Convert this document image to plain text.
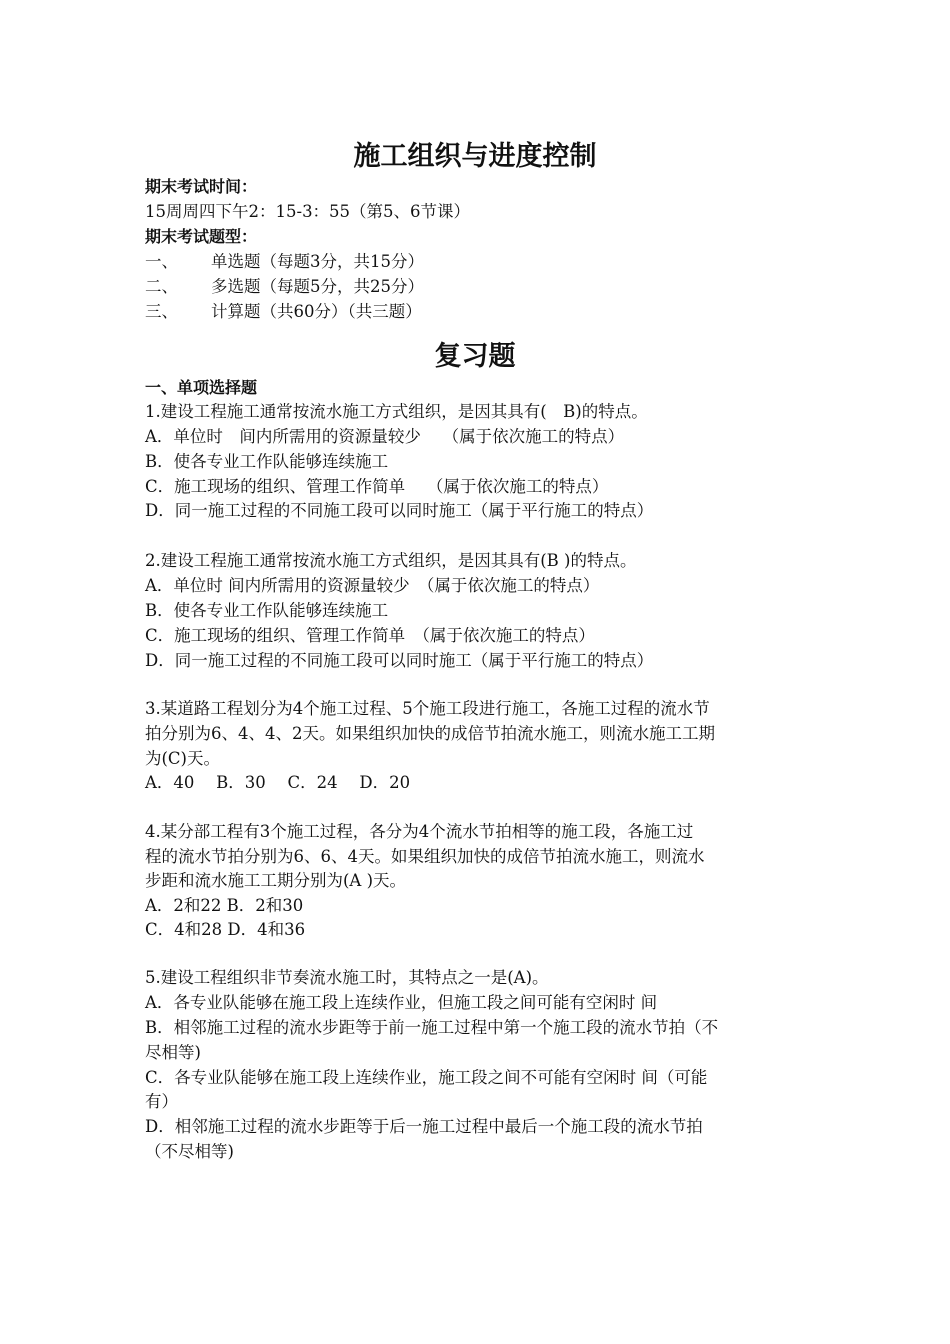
施工组织与进度控制
期末考试时间：
15周周四下午2：15-3：55（第5、6节课）
期末考试题型：
一、 单选题（每题3分，共15分）
二、 多选题（每题5分，共25分）
三、 计算题（共60分）（共三题）
复习题
一、单项选择题
1.建设工程施工通常按流水施工方式组织，是因其具有(　B)的特点。
A．单位时　间内所需用的资源量较少　 （属于依次施工的特点）
B．使各专业工作队能够连续施工
C．施工现场的组织、管理工作简单　 （属于依次施工的特点）
D．同一施工过程的不同施工段可以同时施工（属于平行施工的特点）
2.建设工程施工通常按流水施工方式组织，是因其具有(B )的特点。
A．单位时 间内所需用的资源量较少　（属于依次施工的特点）
B．使各专业工作队能够连续施工
C．施工现场的组织、管理工作简单　（属于依次施工的特点）
D．同一施工过程的不同施工段可以同时施工（属于平行施工的特点）
3.某道路工程划分为4个施工过程、5个施工段进行施工，各施工过程的流水节
拍分别为6、4、4、2天。如果组织加快的成倍节拍流水施工，则流水施工工期
为(C)天。
A．40　 B．30　 C．24　 D．20
4.某分部工程有3个施工过程，各分为4个流水节拍相等的施工段，各施工过
程的流水节拍分别为6、6、4天。如果组织加快的成倍节拍流水施工，则流水
步距和流水施工工期分别为(A )天。
A．2和22 B．2和30
C．4和28 D．4和36
5.建设工程组织非节奏流水施工时，其特点之一是(A)。
A．各专业队能够在施工段上连续作业，但施工段之间可能有空闲时 间
B．相邻施工过程的流水步距等于前一施工过程中第一个施工段的流水节拍（不
尽相等)
C．各专业队能够在施工段上连续作业，施工段之间不可能有空闲时 间（可能
有）
D．相邻施工过程的流水步距等于后一施工过程中最后一个施工段的流水节拍
（不尽相等)
